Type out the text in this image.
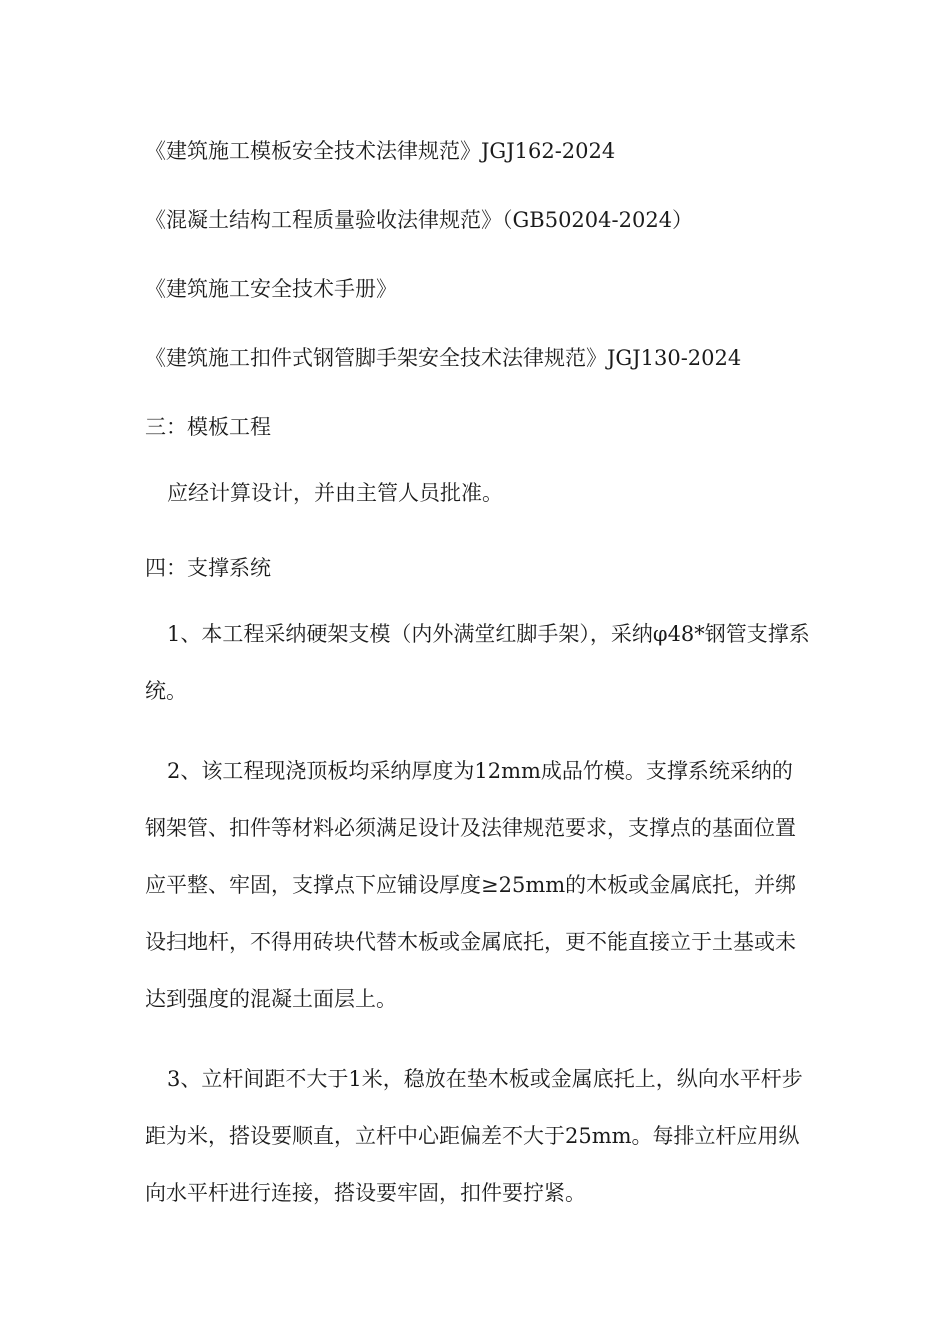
《建筑施工模板安全技术法律规范》JGJ162-2024

《混凝土结构工程质量验收法律规范》（GB50204-2024）

《建筑施工安全技术手册》

《建筑施工扣件式钢管脚手架安全技术法律规范》JGJ130-2024

三：模板工程

应经计算设计，并由主管人员批准。

四：支撑系统

1、本工程采纳硬架支模（内外满堂红脚手架），采纳φ48*钢管支撑系统。

2、该工程现浇顶板均采纳厚度为12mm成品竹模。支撑系统采纳的钢架管、扣件等材料必须满足设计及法律规范要求，支撑点的基面位置应平整、牢固，支撑点下应铺设厚度≥25mm的木板或金属底托，并绑设扫地杆，不得用砖块代替木板或金属底托，更不能直接立于土基或未达到强度的混凝土面层上。

3、立杆间距不大于1米，稳放在垫木板或金属底托上，纵向水平杆步距为米，搭设要顺直，立杆中心距偏差不大于25mm。每排立杆应用纵向水平杆进行连接，搭设要牢固，扣件要拧紧。
